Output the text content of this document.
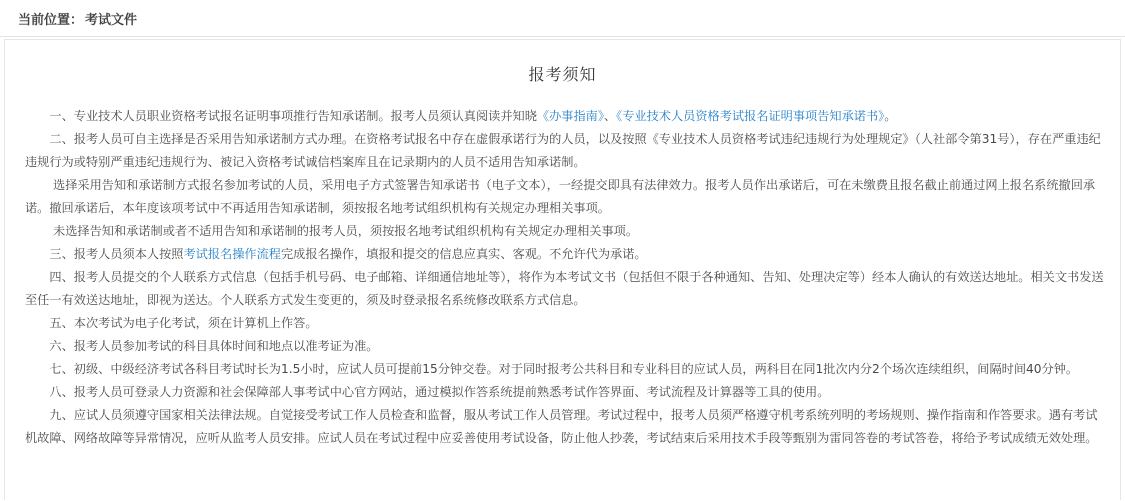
当前位置： 考试文件
报考须知

一、专业技术人员职业资格考试报名证明事项推行告知承诺制。报考人员须认真阅读并知晓《办事指南》、《专业技术人员资格考试报名证明事项告知承诺书》。

二、报考人员可自主选择是否采用告知承诺制方式办理。在资格考试报名中存在虚假承诺行为的人员，以及按照《专业技术人员资格考试违纪违规行为处理规定》（人社部令第31号），存在严重违纪违规行为或特别严重违纪违规行为、被记入资格考试诚信档案库且在记录期内的人员不适用告知承诺制。

选择采用告知和承诺制方式报名参加考试的人员，采用电子方式签署告知承诺书（电子文本），一经提交即具有法律效力。报考人员作出承诺后，可在未缴费且报名截止前通过网上报名系统撤回承诺。撤回承诺后，本年度该项考试中不再适用告知承诺制，须按报名地考试组织机构有关规定办理相关事项。

未选择告知和承诺制或者不适用告知和承诺制的报考人员，须按报名地考试组织机构有关规定办理相关事项。

三、报考人员须本人按照考试报名操作流程完成报名操作，填报和提交的信息应真实、客观。不允许代为承诺。

四、报考人员提交的个人联系方式信息（包括手机号码、电子邮箱、详细通信地址等），将作为本考试文书（包括但不限于各种通知、告知、处理决定等）经本人确认的有效送达地址。相关文书发送至任一有效送达地址，即视为送达。个人联系方式发生变更的，须及时登录报名系统修改联系方式信息。

五、本次考试为电子化考试，须在计算机上作答。

六、报考人员参加考试的科目具体时间和地点以准考证为准。

七、初级、中级经济考试各科目考试时长为1.5小时，应试人员可提前15分钟交卷。对于同时报考公共科目和专业科目的应试人员，两科目在同1批次内分2个场次连续组织，间隔时间40分钟。

八、报考人员可登录人力资源和社会保障部人事考试中心官方网站，通过模拟作答系统提前熟悉考试作答界面、考试流程及计算器等工具的使用。

九、应试人员须遵守国家相关法律法规。自觉接受考试工作人员检查和监督，服从考试工作人员管理。考试过程中，报考人员须严格遵守机考系统列明的考场规则、操作指南和作答要求。遇有考试机故障、网络故障等异常情况，应听从监考人员安排。应试人员在考试过程中应妥善使用考试设备，防止他人抄袭，考试结束后采用技术手段等甄别为雷同答卷的考试答卷，将给予考试成绩无效处理。
